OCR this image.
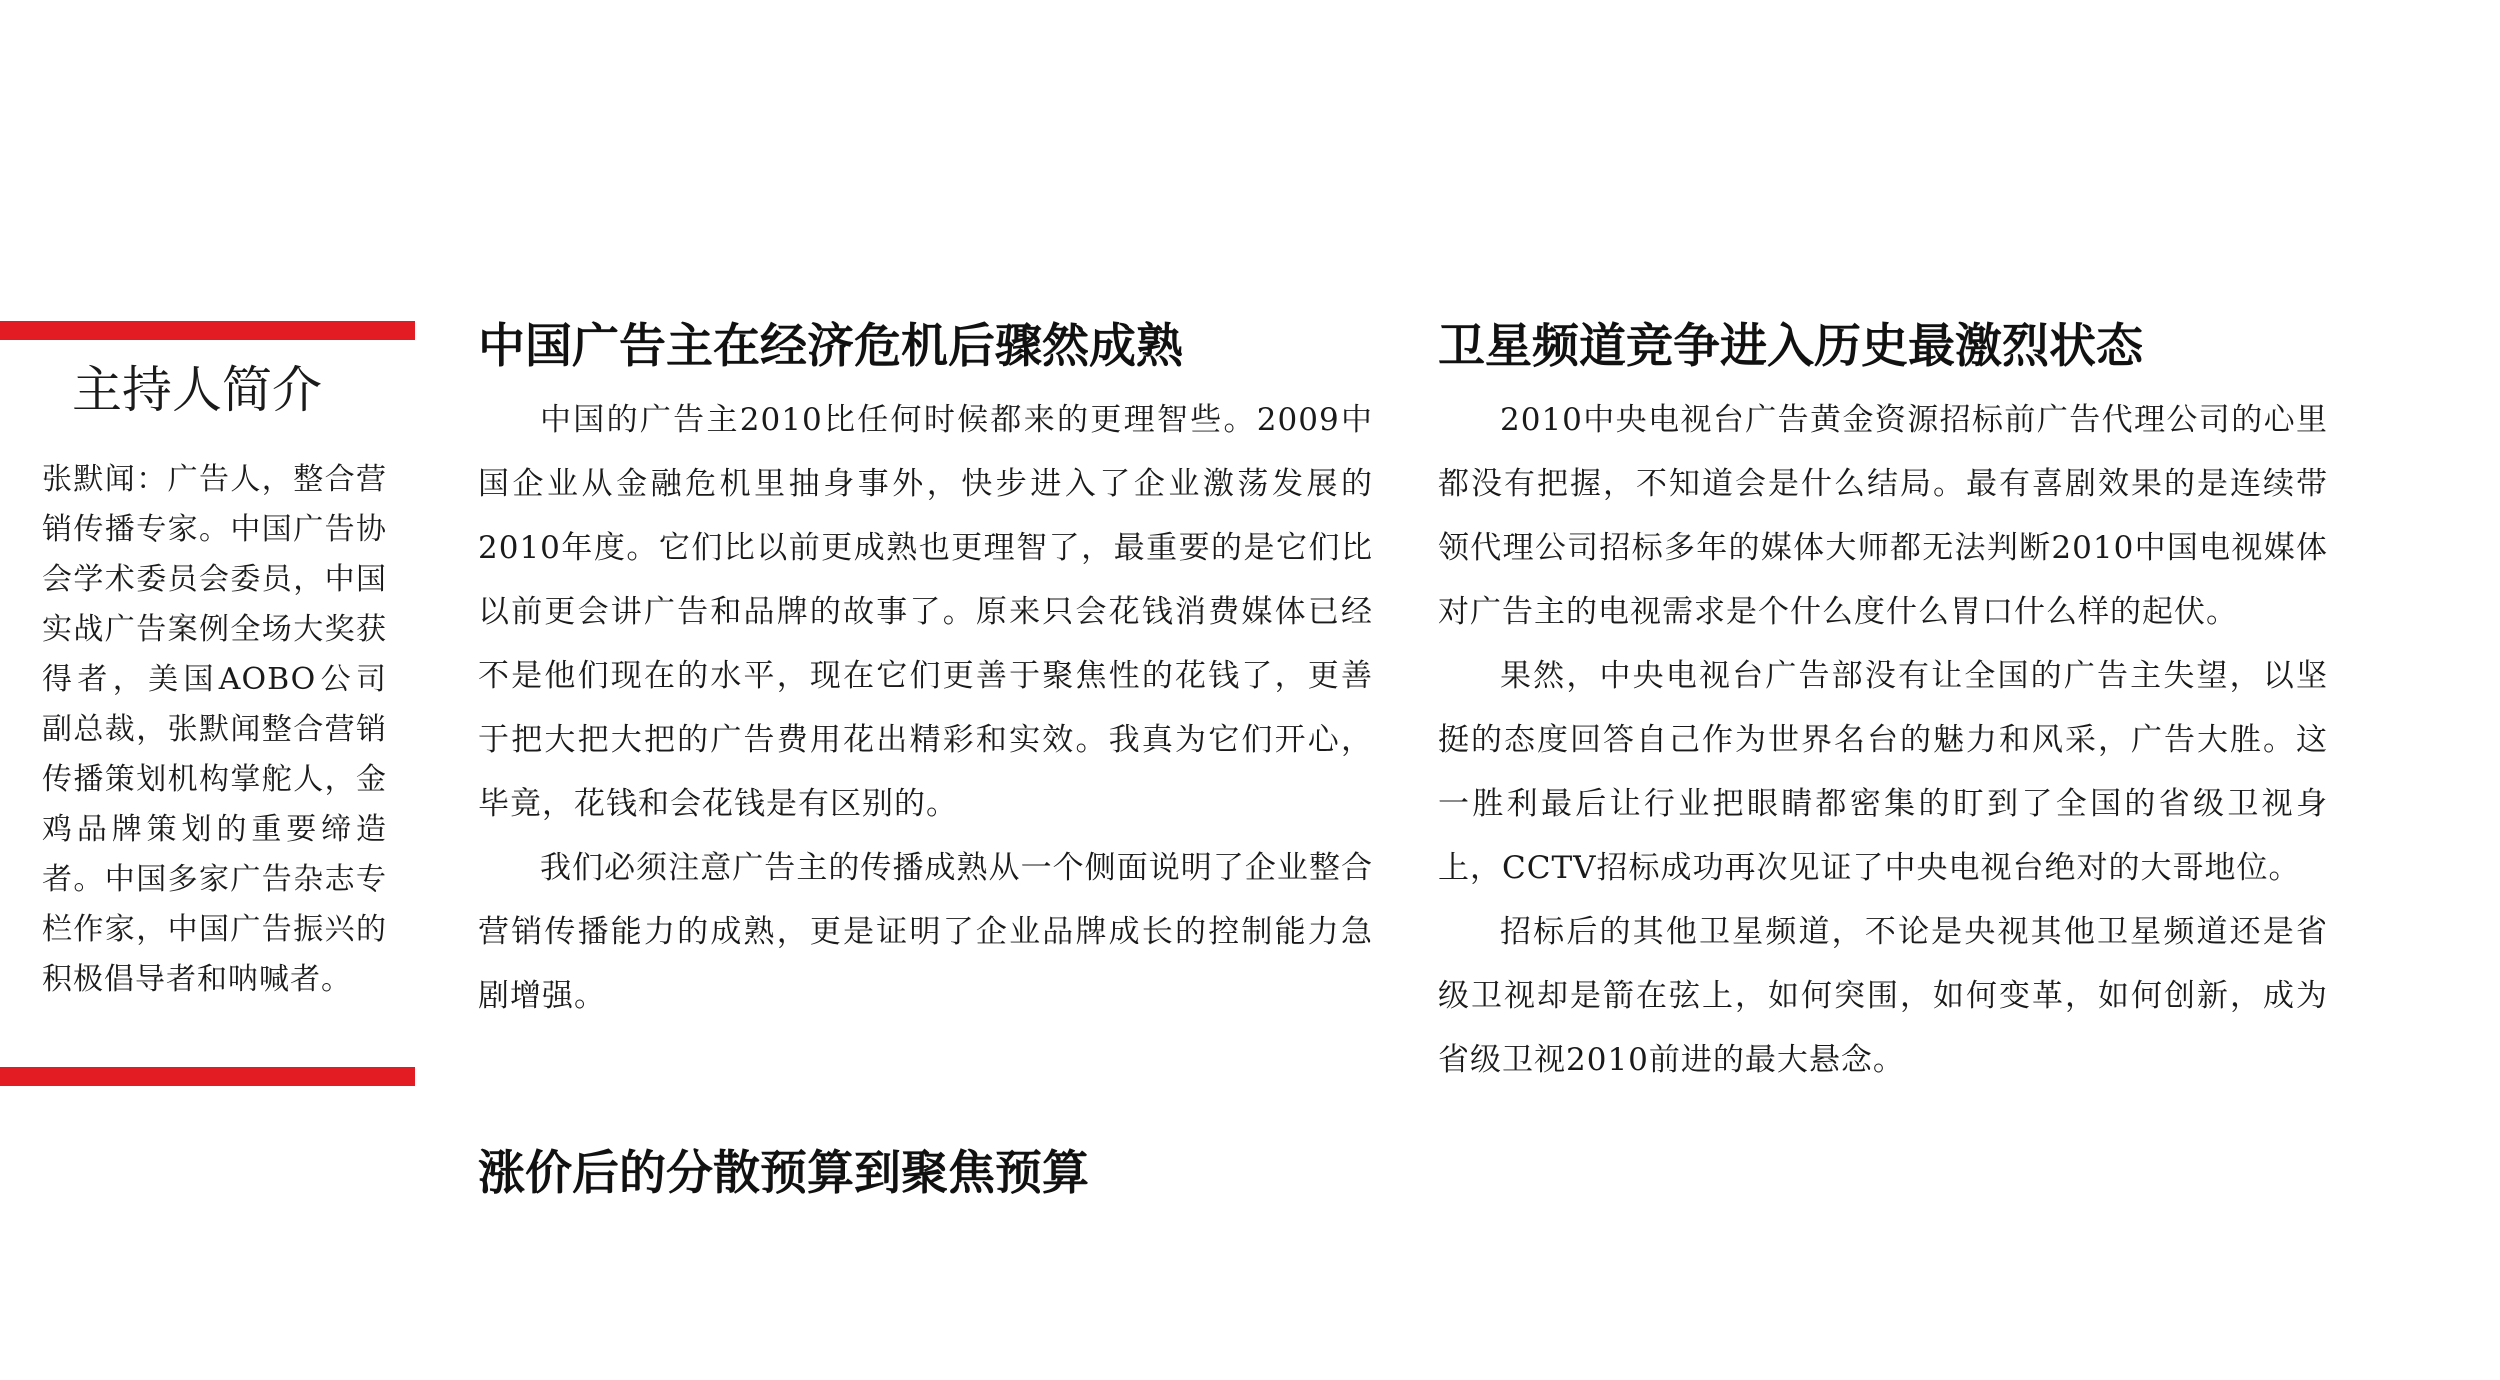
主持人简介
张默闻：广告人，整合营销传播专家。中国广告协会学术委员会委员，中国实战广告案例全场大奖获得者，美国AOBO公司副总裁，张默闻整合营销传播策划机构掌舵人，金鸡品牌策划的重要缔造者。中国多家广告杂志专栏作家，中国广告振兴的积极倡导者和呐喊者。
中国广告主在经济危机后骤然成熟

中国的广告主2010比任何时候都来的更理智些。2009中国企业从金融危机里抽身事外，快步进入了企业激荡发展的2010年度。它们比以前更成熟也更理智了，最重要的是它们比以前更会讲广告和品牌的故事了。原来只会花钱消费媒体已经不是他们现在的水平，现在它们更善于聚焦性的花钱了，更善于把大把大把的广告费用花出精彩和实效。我真为它们开心，毕竟，花钱和会花钱是有区别的。

我们必须注意广告主的传播成熟从一个侧面说明了企业整合营销传播能力的成熟，更是证明了企业品牌成长的控制能力急剧增强。

涨价后的分散预算到聚焦预算
卫星频道竞争进入历史最激烈状态

2010中央电视台广告黄金资源招标前广告代理公司的心里都没有把握，不知道会是什么结局。最有喜剧效果的是连续带领代理公司招标多年的媒体大师都无法判断2010中国电视媒体对广告主的电视需求是个什么度什么胃口什么样的起伏。

果然，中央电视台广告部没有让全国的广告主失望，以坚挺的态度回答自己作为世界名台的魅力和风采，广告大胜。这一胜利最后让行业把眼睛都密集的盯到了全国的省级卫视身上，CCTV招标成功再次见证了中央电视台绝对的大哥地位。

招标后的其他卫星频道，不论是央视其他卫星频道还是省级卫视却是箭在弦上，如何突围，如何变革，如何创新，成为省级卫视2010前进的最大悬念。
